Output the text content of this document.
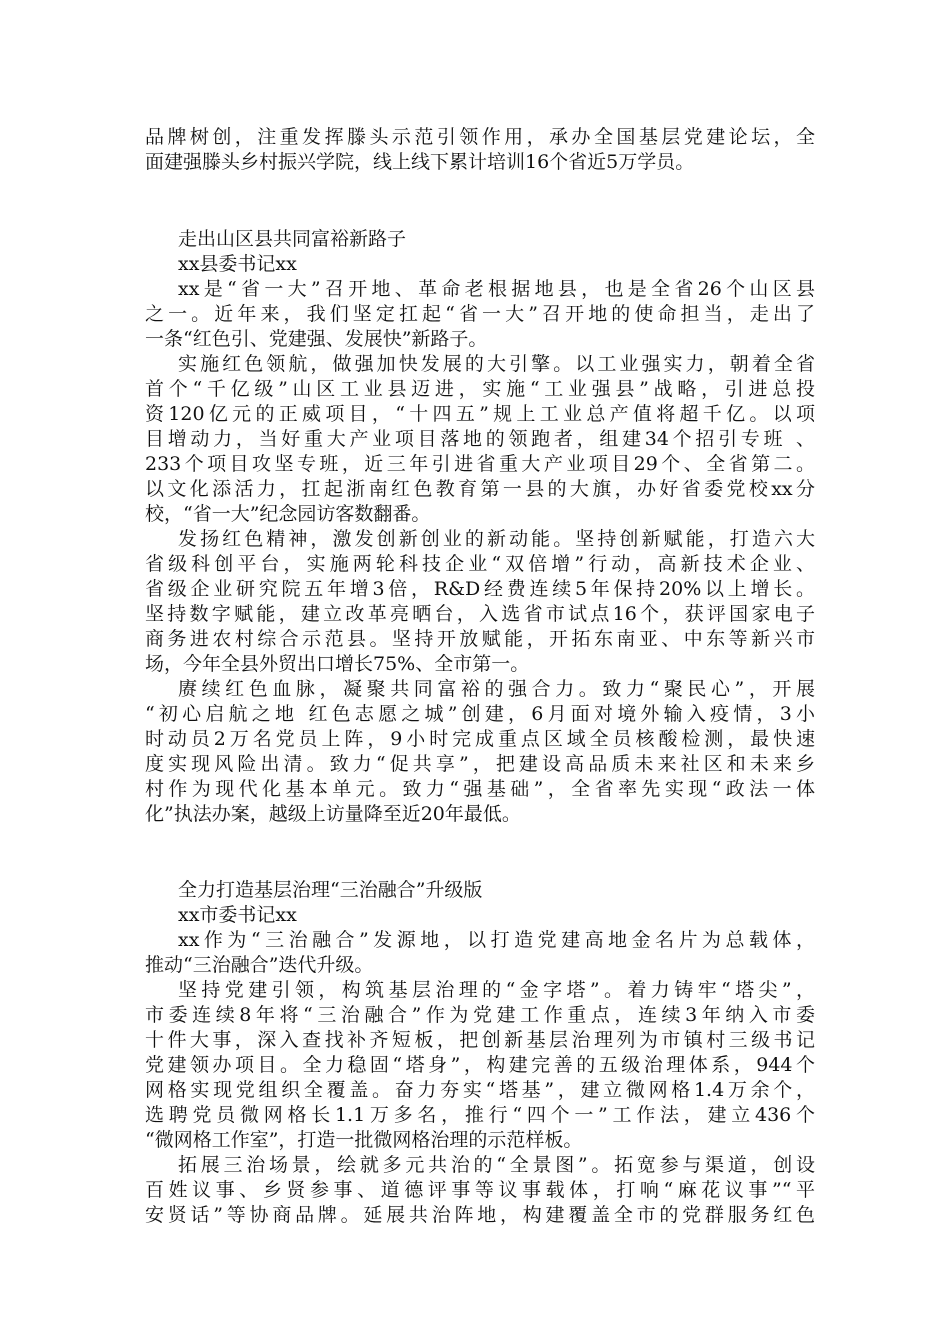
品牌树创，注重发挥滕头示范引领作用，承办全国基层党建论坛，全
面建强滕头乡村振兴学院，线上线下累计培训16个省近5万学员。
走出山区县共同富裕新路子
xx县委书记xx
xx是“省一大”召开地、革命老根据地县，也是全省26个山区县
之一。近年来，我们坚定扛起“省一大”召开地的使命担当，走出了
一条“红色引、党建强、发展快”新路子。
实施红色领航，做强加快发展的大引擎。以工业强实力，朝着全省
首个“千亿级”山区工业县迈进，实施“工业强县”战略，引进总投
资120亿元的正威项目，“十四五”规上工业总产值将超千亿。以项
目增动力，当好重大产业项目落地的领跑者，组建34个招引专班 、
233个项目攻坚专班，近三年引进省重大产业项目29个、全省第二。
以文化添活力，扛起浙南红色教育第一县的大旗，办好省委党校xx分
校，“省一大”纪念园访客数翻番。
发扬红色精神，激发创新创业的新动能。坚持创新赋能，打造六大
省级科创平台，实施两轮科技企业“双倍增”行动，高新技术企业、
省级企业研究院五年增3倍，R&D经费连续5年保持20%以上增长。
坚持数字赋能，建立改革亮晒台，入选省市试点16个，获评国家电子
商务进农村综合示范县。坚持开放赋能，开拓东南亚、中东等新兴市
场，今年全县外贸出口增长75%、全市第一。
赓续红色血脉，凝聚共同富裕的强合力。致力“聚民心”，开展
“初心启航之地 红色志愿之城”创建，6月面对境外输入疫情，3小
时动员2万名党员上阵，9小时完成重点区域全员核酸检测，最快速
度实现风险出清。致力“促共享”，把建设高品质未来社区和未来乡
村作为现代化基本单元。致力“强基础”，全省率先实现“政法一体
化”执法办案，越级上访量降至近20年最低。
全力打造基层治理“三治融合”升级版
xx市委书记xx
xx作为“三治融合”发源地，以打造党建高地金名片为总载体，
推动“三治融合”迭代升级。
坚持党建引领，构筑基层治理的“金字塔”。着力铸牢“塔尖”，
市委连续8年将“三治融合”作为党建工作重点，连续3年纳入市委
十件大事，深入查找补齐短板，把创新基层治理列为市镇村三级书记
党建领办项目。全力稳固“塔身”，构建完善的五级治理体系，944个
网格实现党组织全覆盖。奋力夯实“塔基”，建立微网格1.4万余个，
选聘党员微网格长1.1万多名，推行“四个一”工作法，建立436个
“微网格工作室”，打造一批微网格治理的示范样板。
拓展三治场景，绘就多元共治的“全景图”。拓宽参与渠道，创设
百姓议事、乡贤参事、道德评事等议事载体，打响“麻花议事”“平
安贤话”等协商品牌。延展共治阵地，构建覆盖全市的党群服务红色
